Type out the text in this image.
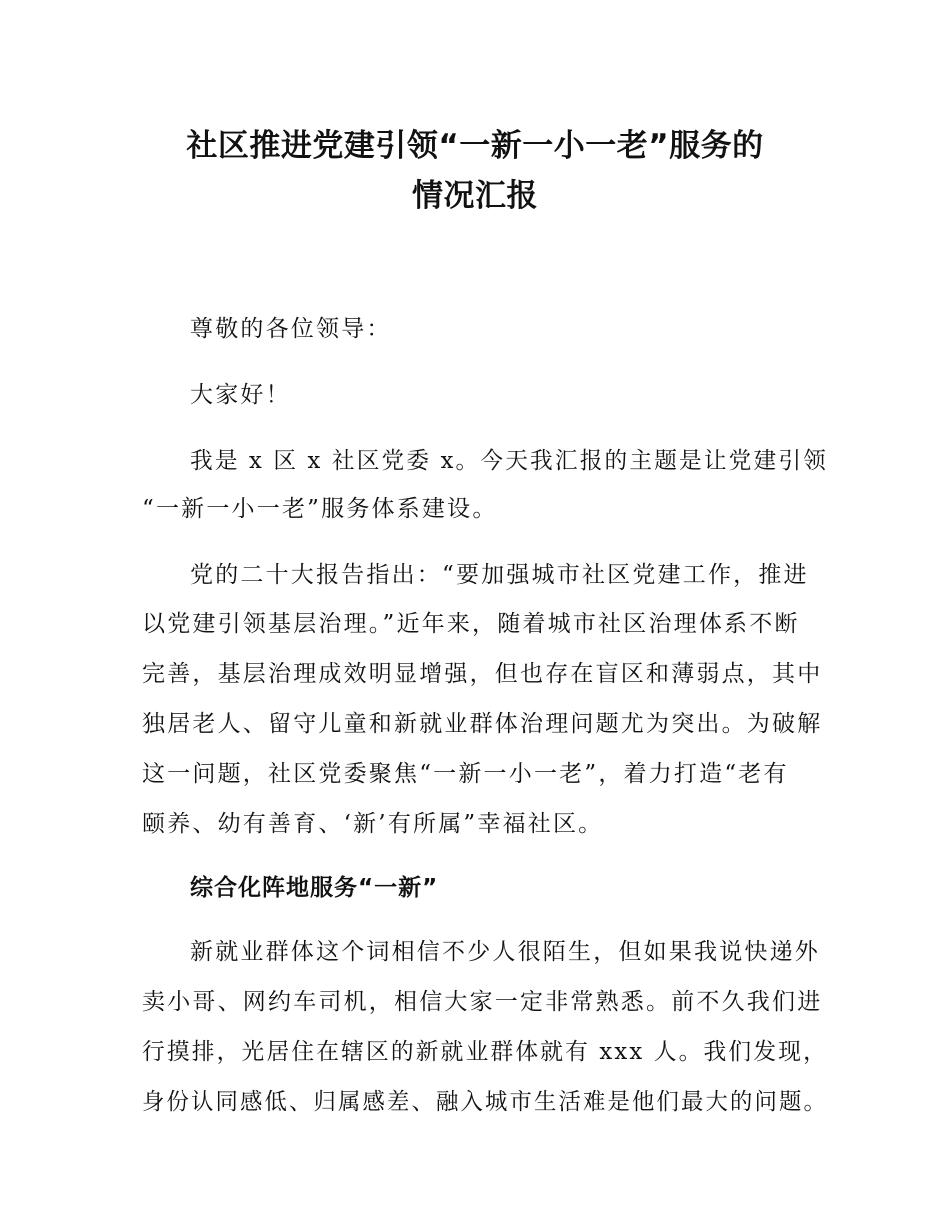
社区推进党建引领“一新一小一老”服务的
情况汇报

尊敬的各位领导：

大家好！

我是 x 区 x 社区党委 x。今天我汇报的主题是让党建引领

“一新一小一老”服务体系建设。

党的二十大报告指出：“要加强城市社区党建工作，推进

以党建引领基层治理。”近年来，随着城市社区治理体系不断

完善，基层治理成效明显增强，但也存在盲区和薄弱点，其中

独居老人、留守儿童和新就业群体治理问题尤为突出。为破解

这一问题，社区党委聚焦“一新一小一老”，着力打造“老有

颐养、幼有善育、‘新’有所属”幸福社区。

综合化阵地服务“一新”

新就业群体这个词相信不少人很陌生，但如果我说快递外

卖小哥、网约车司机，相信大家一定非常熟悉。前不久我们进

行摸排，光居住在辖区的新就业群体就有 xxx 人。我们发现，

身份认同感低、归属感差、融入城市生活难是他们最大的问题。
